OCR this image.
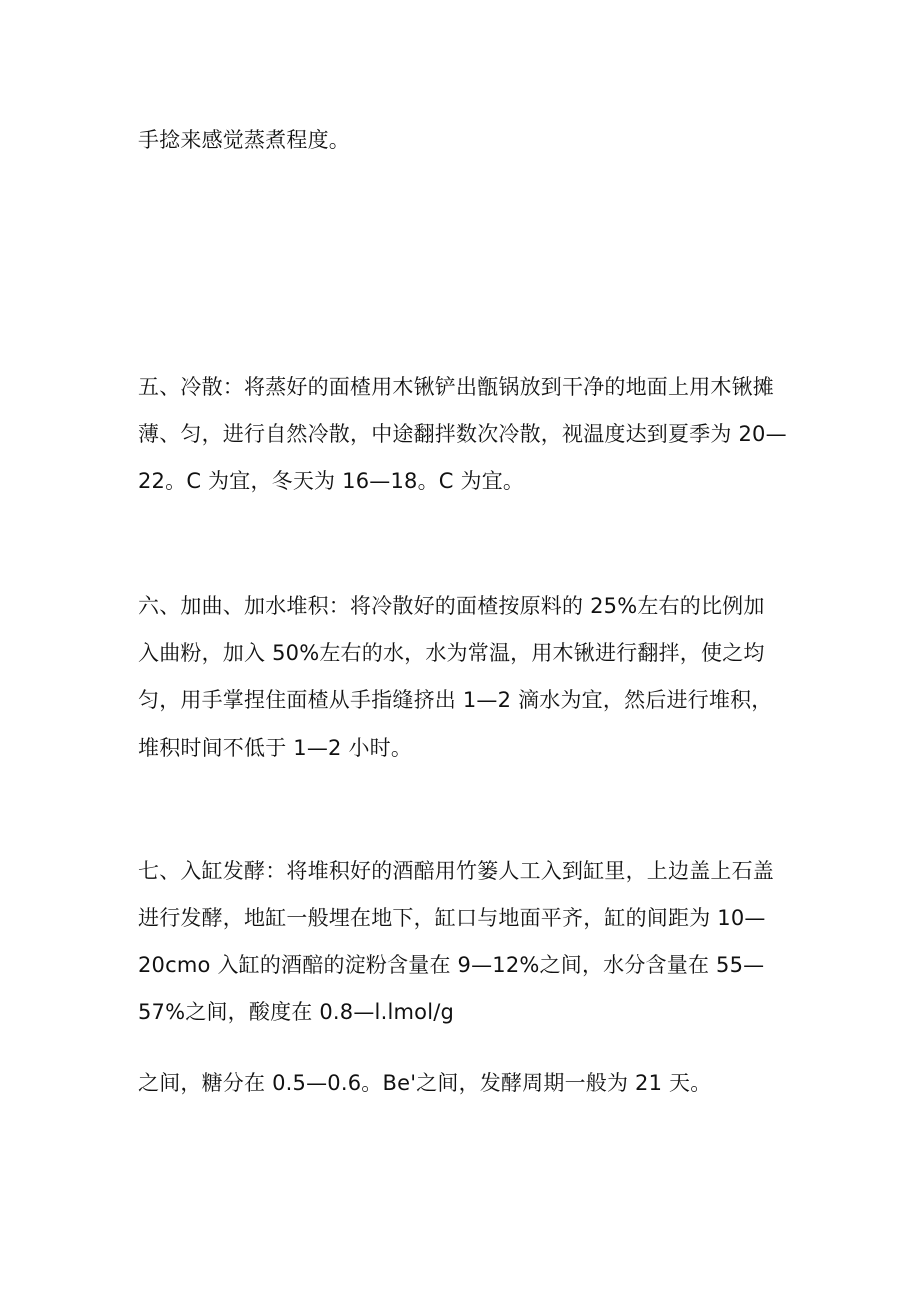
手捻来感觉蒸煮程度。
五、冷散：将蒸好的面楂用木锹铲出甑锅放到干净的地面上用木锹摊
薄、匀，进行自然冷散，中途翻拌数次冷散，视温度达到夏季为 20—
22。C 为宜，冬天为 16—18。C 为宜。
六、加曲、加水堆积：将冷散好的面楂按原料的 25%左右的比例加
入曲粉，加入 50%左右的水，水为常温，用木锹进行翻拌，使之均
匀，用手掌捏住面楂从手指缝挤出 1—2 滴水为宜，然后进行堆积，
堆积时间不低于 1—2 小时。
七、入缸发酵：将堆积好的酒醅用竹篓人工入到缸里，上边盖上石盖
进行发酵，地缸一般埋在地下，缸口与地面平齐，缸的间距为 10—
20cmo 入缸的酒醅的淀粉含量在 9—12%之间，水分含量在 55—
57%之间，酸度在 0.8—l.lmol/g
之间，糖分在 0.5—0.6。Be'之间，发酵周期一般为 21 天。
